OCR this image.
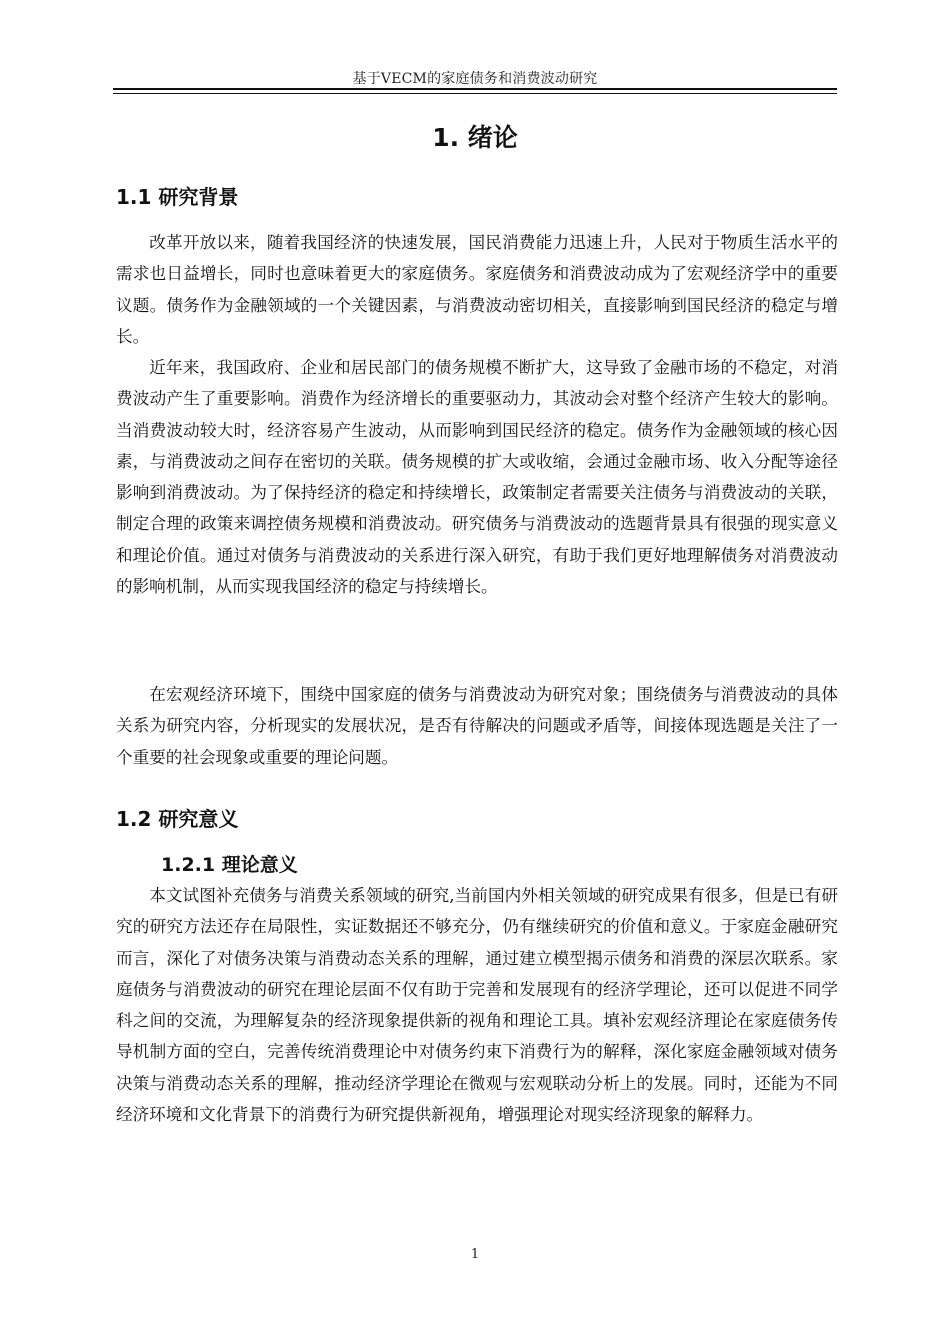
基于VECM的家庭债务和消费波动研究
1. 绪论
1.1 研究背景

改革开放以来，随着我国经济的快速发展，国民消费能力迅速上升，人民对于物质生活水平的需求也日益增长，同时也意味着更大的家庭债务。家庭债务和消费波动成为了宏观经济学中的重要议题。债务作为金融领域的一个关键因素，与消费波动密切相关，直接影响到国民经济的稳定与增长。

近年来，我国政府、企业和居民部门的债务规模不断扩大，这导致了金融市场的不稳定，对消费波动产生了重要影响。消费作为经济增长的重要驱动力，其波动会对整个经济产生较大的影响。当消费波动较大时，经济容易产生波动，从而影响到国民经济的稳定。债务作为金融领域的核心因素，与消费波动之间存在密切的关联。债务规模的扩大或收缩，会通过金融市场、收入分配等途径影响到消费波动。为了保持经济的稳定和持续增长，政策制定者需要关注债务与消费波动的关联，制定合理的政策来调控债务规模和消费波动。研究债务与消费波动的选题背景具有很强的现实意义和理论价值。通过对债务与消费波动的关系进行深入研究，有助于我们更好地理解债务对消费波动的影响机制，从而实现我国经济的稳定与持续增长。

在宏观经济环境下，围绕中国家庭的债务与消费波动为研究对象；围绕债务与消费波动的具体关系为研究内容，分析现实的发展状况，是否有待解决的问题或矛盾等，间接体现选题是关注了一个重要的社会现象或重要的理论问题。

1.2 研究意义
1.2.1 理论意义

本文试图补充债务与消费关系领域的研究,当前国内外相关领域的研究成果有很多，但是已有研究的研究方法还存在局限性，实证数据还不够充分，仍有继续研究的价值和意义。于家庭金融研究而言，深化了对债务决策与消费动态关系的理解，通过建立模型揭示债务和消费的深层次联系。家庭债务与消费波动的研究在理论层面不仅有助于完善和发展现有的经济学理论，还可以促进不同学科之间的交流，为理解复杂的经济现象提供新的视角和理论工具。填补宏观经济理论在家庭债务传导机制方面的空白，完善传统消费理论中对债务约束下消费行为的解释，深化家庭金融领域对债务决策与消费动态关系的理解，推动经济学理论在微观与宏观联动分析上的发展。同时，还能为不同经济环境和文化背景下的消费行为研究提供新视角，增强理论对现实经济现象的解释力。

1
